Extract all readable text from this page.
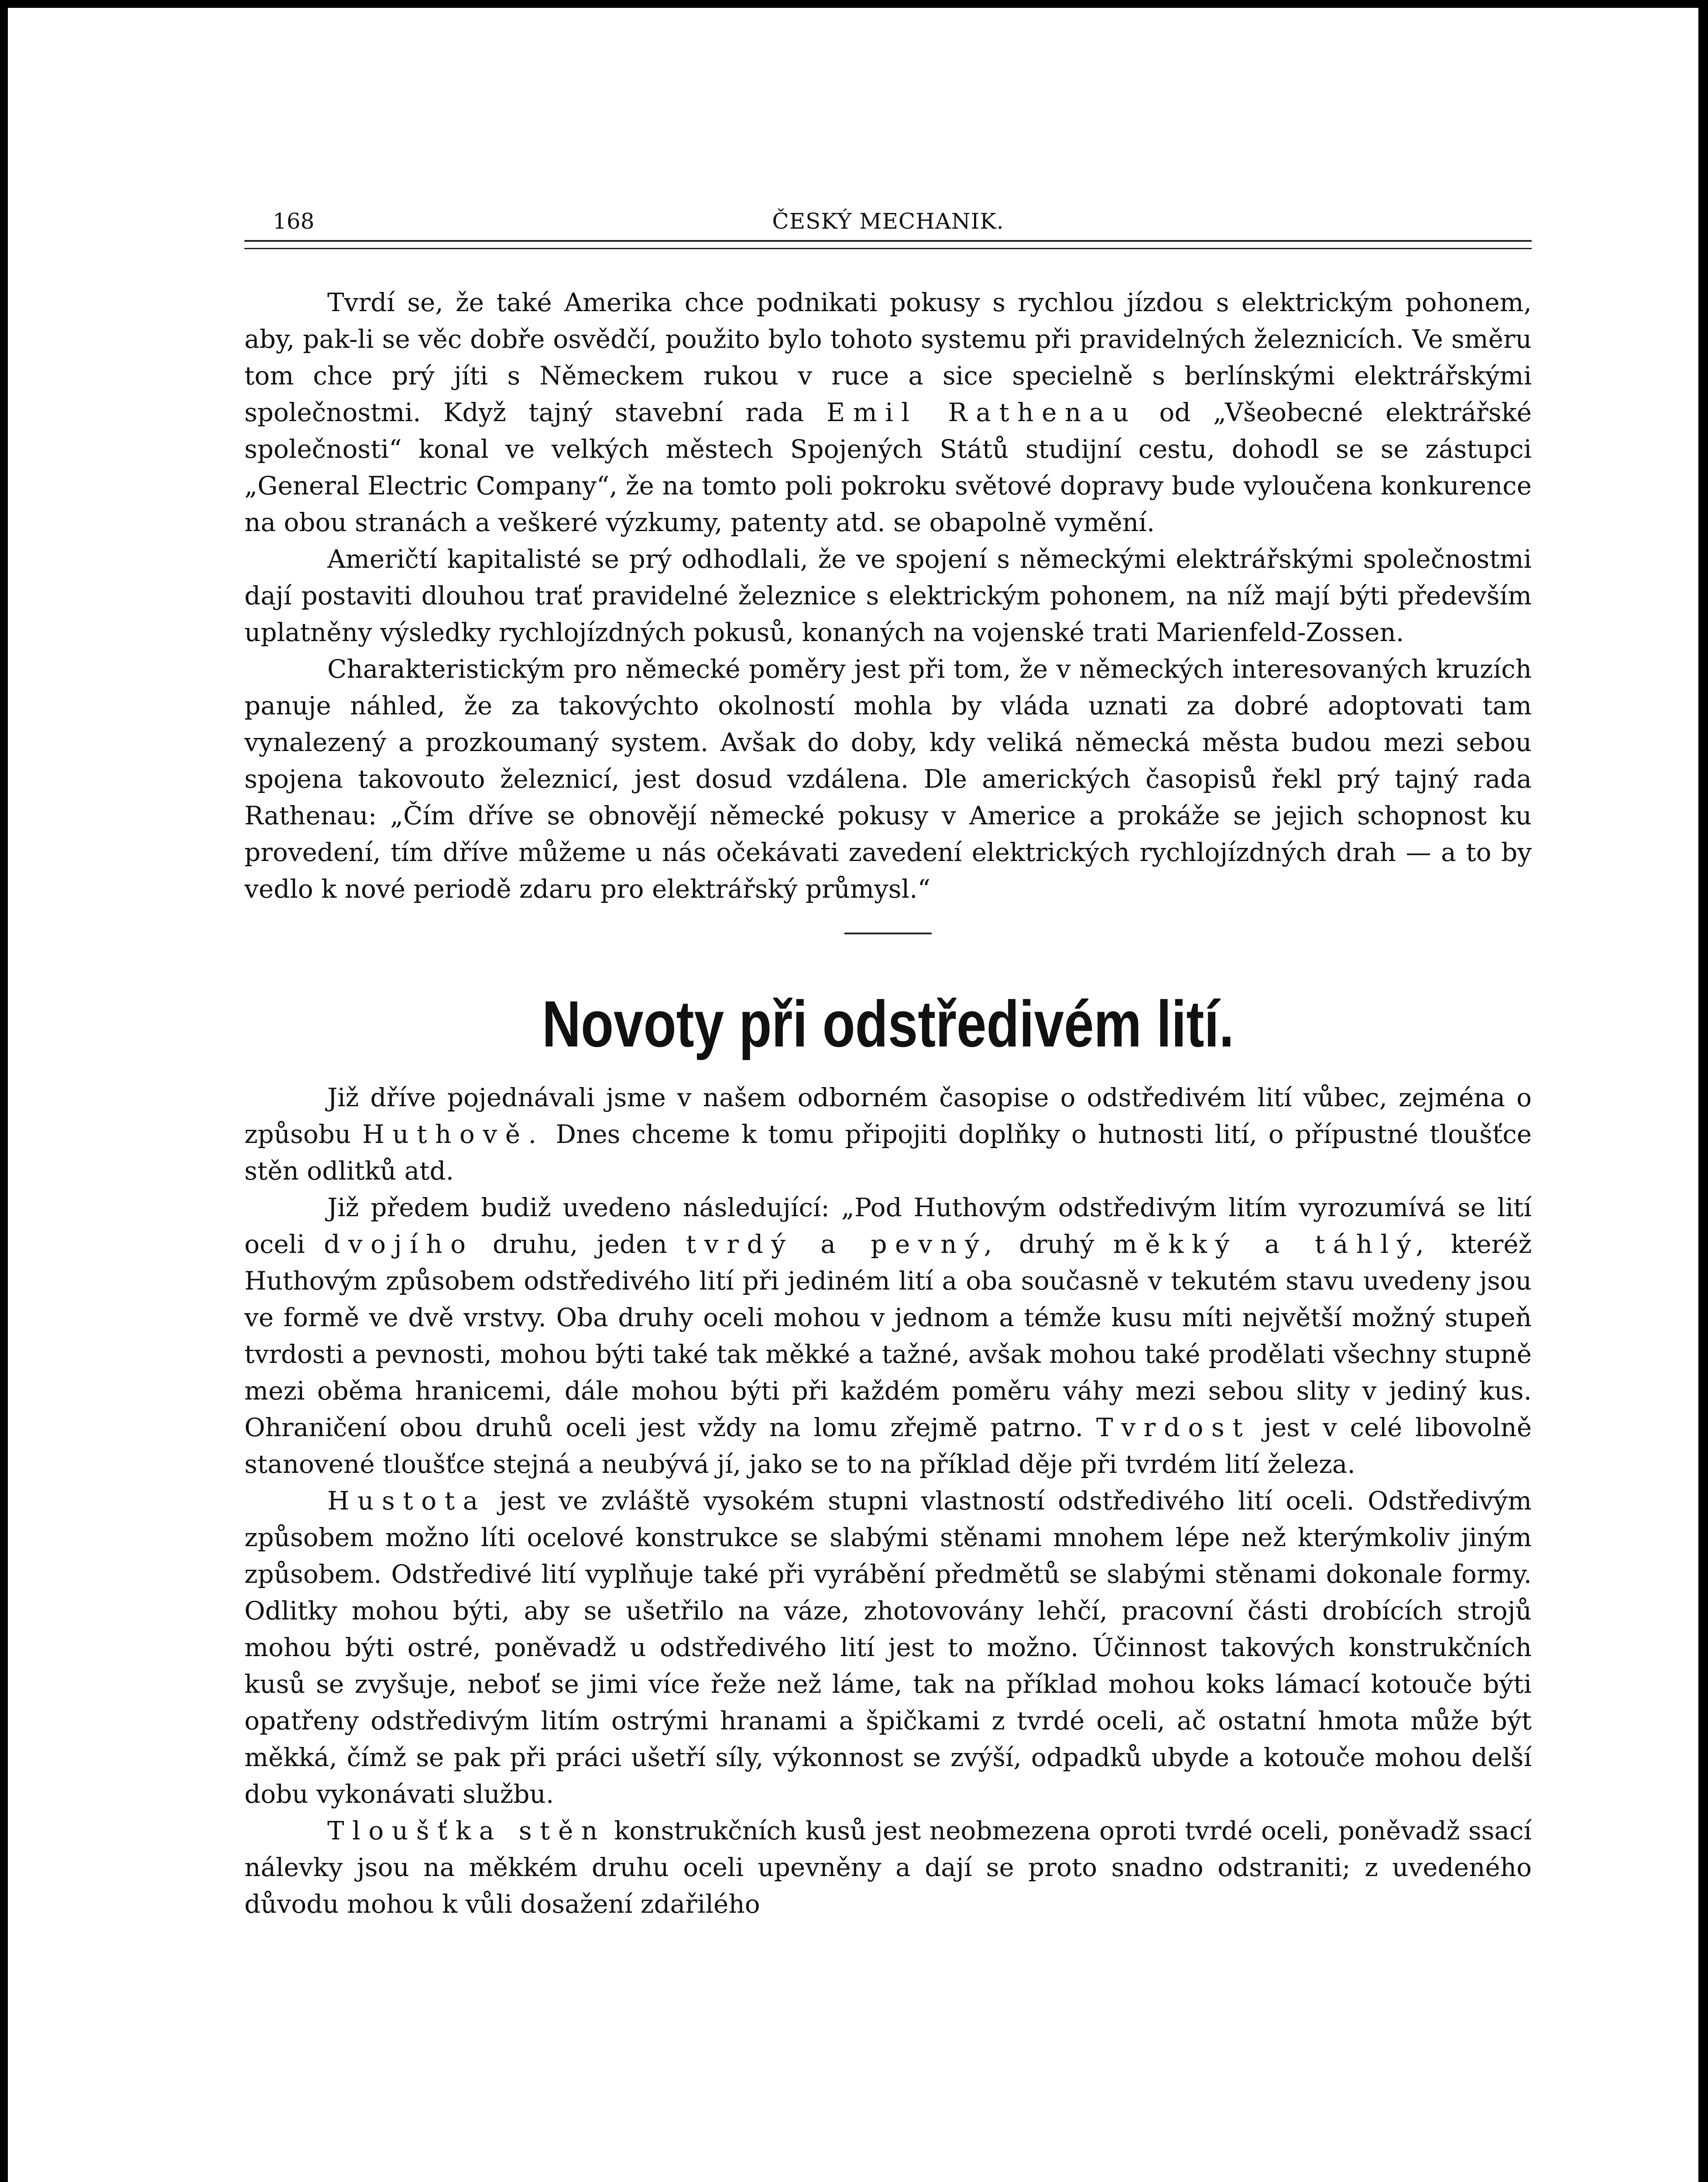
168	ČESKÝ MECHANIK.

Tvrdí se, že také Amerika chce podnikati pokusy s rychlou jízdou s elektrickým pohonem, aby, pak-li se věc dobře osvědčí, použito bylo tohoto systemu při pravidelných železnicích. Ve směru tom chce prý jíti s Německem rukou v ruce a sice specielně s berlínskými elektrářskými společnostmi. Když tajný stavební rada Emil Rathenau od „Všeobecné elektrářské společnosti“ konal ve velkých městech Spojených Států studijní cestu, dohodl se se zástupci „General Electric Company“, že na tomto poli pokroku světové dopravy bude vyloučena konkurence na obou stranách a veškeré výzkumy, patenty atd. se obapolně vymění.

Američtí kapitalisté se prý odhodlali, že ve spojení s německými elektrářskými společnostmi dají postaviti dlouhou trať pravidelné železnice s elektrickým pohonem, na níž mají býti především uplatněny výsledky rychlojízdných pokusů, konaných na vojenské trati Marienfeld-Zossen.

Charakteristickým pro německé poměry jest při tom, že v německých interesovaných kruzích panuje náhled, že za takovýchto okolností mohla by vláda uznati za dobré adoptovati tam vynalezený a prozkoumaný system. Avšak do doby, kdy veliká německá města budou mezi sebou spojena takovouto železnicí, jest dosud vzdálena. Dle amerických časopisů řekl prý tajný rada Rathenau: „Čím dříve se obnovějí německé pokusy v Americe a prokáže se jejich schopnost ku provedení, tím dříve můžeme u nás očekávati zavedení elektrických rychlojízdných drah — a to by vedlo k nové periodě zdaru pro elektrářský průmysl.“

Novoty při odstředivém lití.

Již dříve pojednávali jsme v našem odborném časopise o odstředivém lití vůbec, zejména o způsobu Huthově. Dnes chceme k tomu připojiti doplňky o hutnosti lití, o přípustné tloušťce stěn odlitků atd.

Již předem budiž uvedeno následující: „Pod Huthovým odstředivým litím vyrozumívá se lití oceli dvojího druhu, jeden tvrdý a pevný, druhý měkký a táhlý, kteréž Huthovým způsobem odstředivého lití při jediném lití a oba současně v tekutém stavu uvedeny jsou ve formě ve dvě vrstvy. Oba druhy oceli mohou v jednom a témže kusu míti největší možný stupeň tvrdosti a pevnosti, mohou býti také tak měkké a tažné, avšak mohou také prodělati všechny stupně mezi oběma hranicemi, dále mohou býti při každém poměru váhy mezi sebou slity v jediný kus. Ohraničení obou druhů oceli jest vždy na lomu zřejmě patrno. Tvrdost jest v celé libovolně stanovené tloušťce stejná a neubývá jí, jako se to na příklad děje při tvrdém lití železa.

Hustota jest ve zvláště vysokém stupni vlastností odstředivého lití oceli. Odstředivým způsobem možno líti ocelové konstrukce se slabými stěnami mnohem lépe než kterýmkoliv jiným způsobem. Odstředivé lití vyplňuje také při vyrábění předmětů se slabými stěnami dokonale formy. Odlitky mohou býti, aby se ušetřilo na váze, zhotovovány lehčí, pracovní části drobících strojů mohou býti ostré, poněvadž u odstředivého lití jest to možno. Účinnost takových konstrukčních kusů se zvyšuje, neboť se jimi více řeže než láme, tak na příklad mohou koks lámací kotouče býti opatřeny odstředivým litím ostrými hranami a špičkami z tvrdé oceli, ač ostatní hmota může být měkká, čímž se pak při práci ušetří síly, výkonnost se zvýší, odpadků ubyde a kotouče mohou delší dobu vykonávati službu.

Tloušťka stěn konstrukčních kusů jest neobmezena oproti tvrdé oceli, poněvadž ssací nálevky jsou na měkkém druhu oceli upevněny a dají se proto snadno odstraniti; z uvedeného důvodu mohou k vůli dosažení zdařilého
